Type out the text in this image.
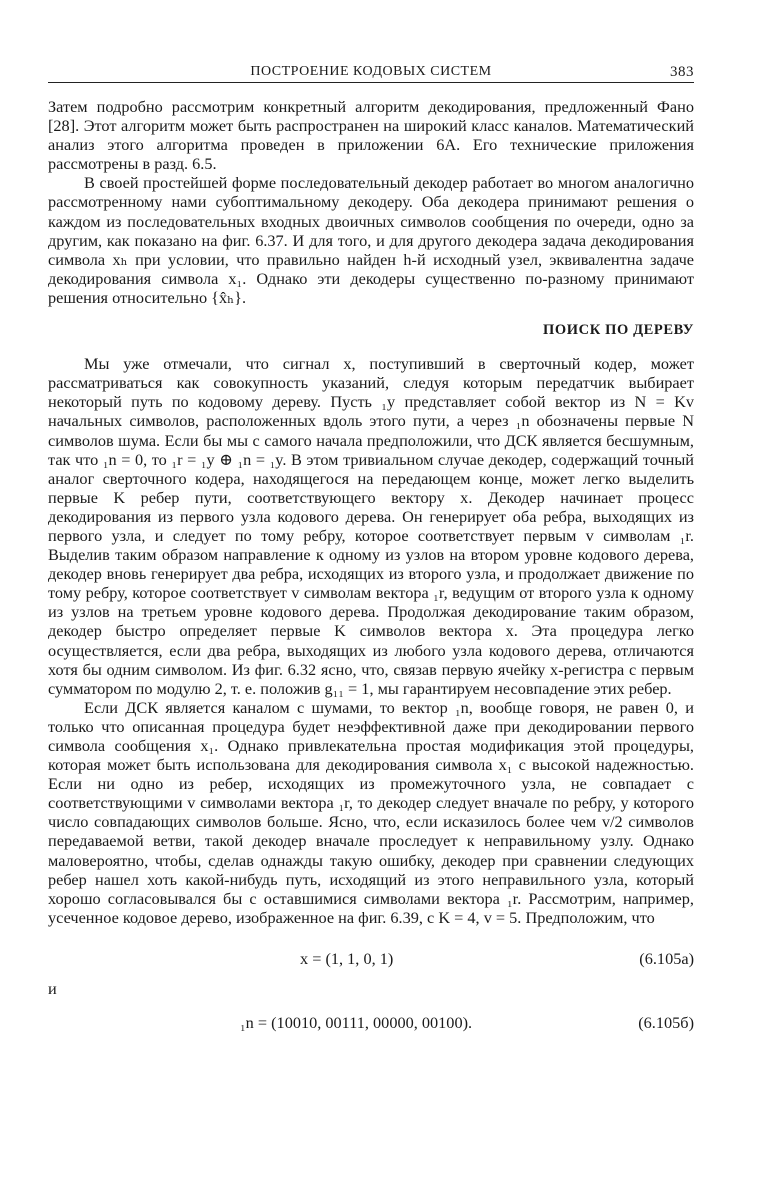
ПОСТРОЕНИЕ КОДОВЫХ СИСТЕМ	383

Затем подробно рассмотрим конкретный алгоритм декодирования, предложенный Фано [28]. Этот алгоритм может быть распространен на широкий класс каналов. Математический анализ этого алгоритма проведен в приложении 6А. Его технические приложения рассмотрены в разд. 6.5.

В своей простейшей форме последовательный декодер работает во многом аналогично рассмотренному нами субоптимальному декодеру. Оба декодера принимают решения о каждом из последовательных входных двоичных символов сообщения по очереди, одно за другим, как показано на фиг. 6.37. И для того, и для другого декодера задача декодирования символа xₕ при условии, что правильно найден h-й исходный узел, эквивалентна задаче декодирования символа x₁. Однако эти декодеры существенно по-разному принимают решения относительно {x̂ₕ}.

ПОИСК ПО ДЕРЕВУ

Мы уже отмечали, что сигнал x, поступивший в сверточный кодер, может рассматриваться как совокупность указаний, следуя которым передатчик выбирает некоторый путь по кодовому дереву. Пусть ₁y представляет собой вектор из N = Kv начальных символов, расположенных вдоль этого пути, а через ₁n обозначены первые N символов шума. Если бы мы с самого начала предположили, что ДСК является бесшумным, так что ₁n = 0, то ₁r = ₁y ⊕ ₁n = ₁y. В этом тривиальном случае декодер, содержащий точный аналог сверточного кодера, находящегося на передающем конце, может легко выделить первые K ребер пути, соответствующего вектору x. Декодер начинает процесс декодирования из первого узла кодового дерева. Он генерирует оба ребра, выходящих из первого узла, и следует по тому ребру, которое соответствует первым v символам ₁r. Выделив таким образом направление к одному из узлов на втором уровне кодового дерева, декодер вновь генерирует два ребра, исходящих из второго узла, и продолжает движение по тому ребру, которое соответствует v символам вектора ₁r, ведущим от второго узла к одному из узлов на третьем уровне кодового дерева. Продолжая декодирование таким образом, декодер быстро определяет первые K символов вектора x. Эта процедура легко осуществляется, если два ребра, выходящих из любого узла кодового дерева, отличаются хотя бы одним символом. Из фиг. 6.32 ясно, что, связав первую ячейку x-регистра с первым сумматором по модулю 2, т. е. положив g₁₁ = 1, мы гарантируем несовпадение этих ребер.

Если ДСК является каналом с шумами, то вектор ₁n, вообще говоря, не равен 0, и только что описанная процедура будет неэффективной даже при декодировании первого символа сообщения x₁. Однако привлекательна простая модификация этой процедуры, которая может быть использована для декодирования символа x₁ с высокой надежностью. Если ни одно из ребер, исходящих из промежуточного узла, не совпадает с соответствующими v символами вектора ₁r, то декодер следует вначале по ребру, у которого число совпадающих символов больше. Ясно, что, если исказилось более чем v/2 символов передаваемой ветви, такой декодер вначале проследует к неправильному узлу. Однако маловероятно, чтобы, сделав однажды такую ошибку, декодер при сравнении следующих ребер нашел хоть какой-нибудь путь, исходящий из этого неправильного узла, который хорошо согласовывался бы с оставшимися символами вектора ₁r. Рассмотрим, например, усеченное кодовое дерево, изображенное на фиг. 6.39, с K = 4, v = 5. Предположим, что

x = (1, 1, 0, 1)	(6.105а)
и
₁n = (10010, 00111, 00000, 00100).	(6.105б)
